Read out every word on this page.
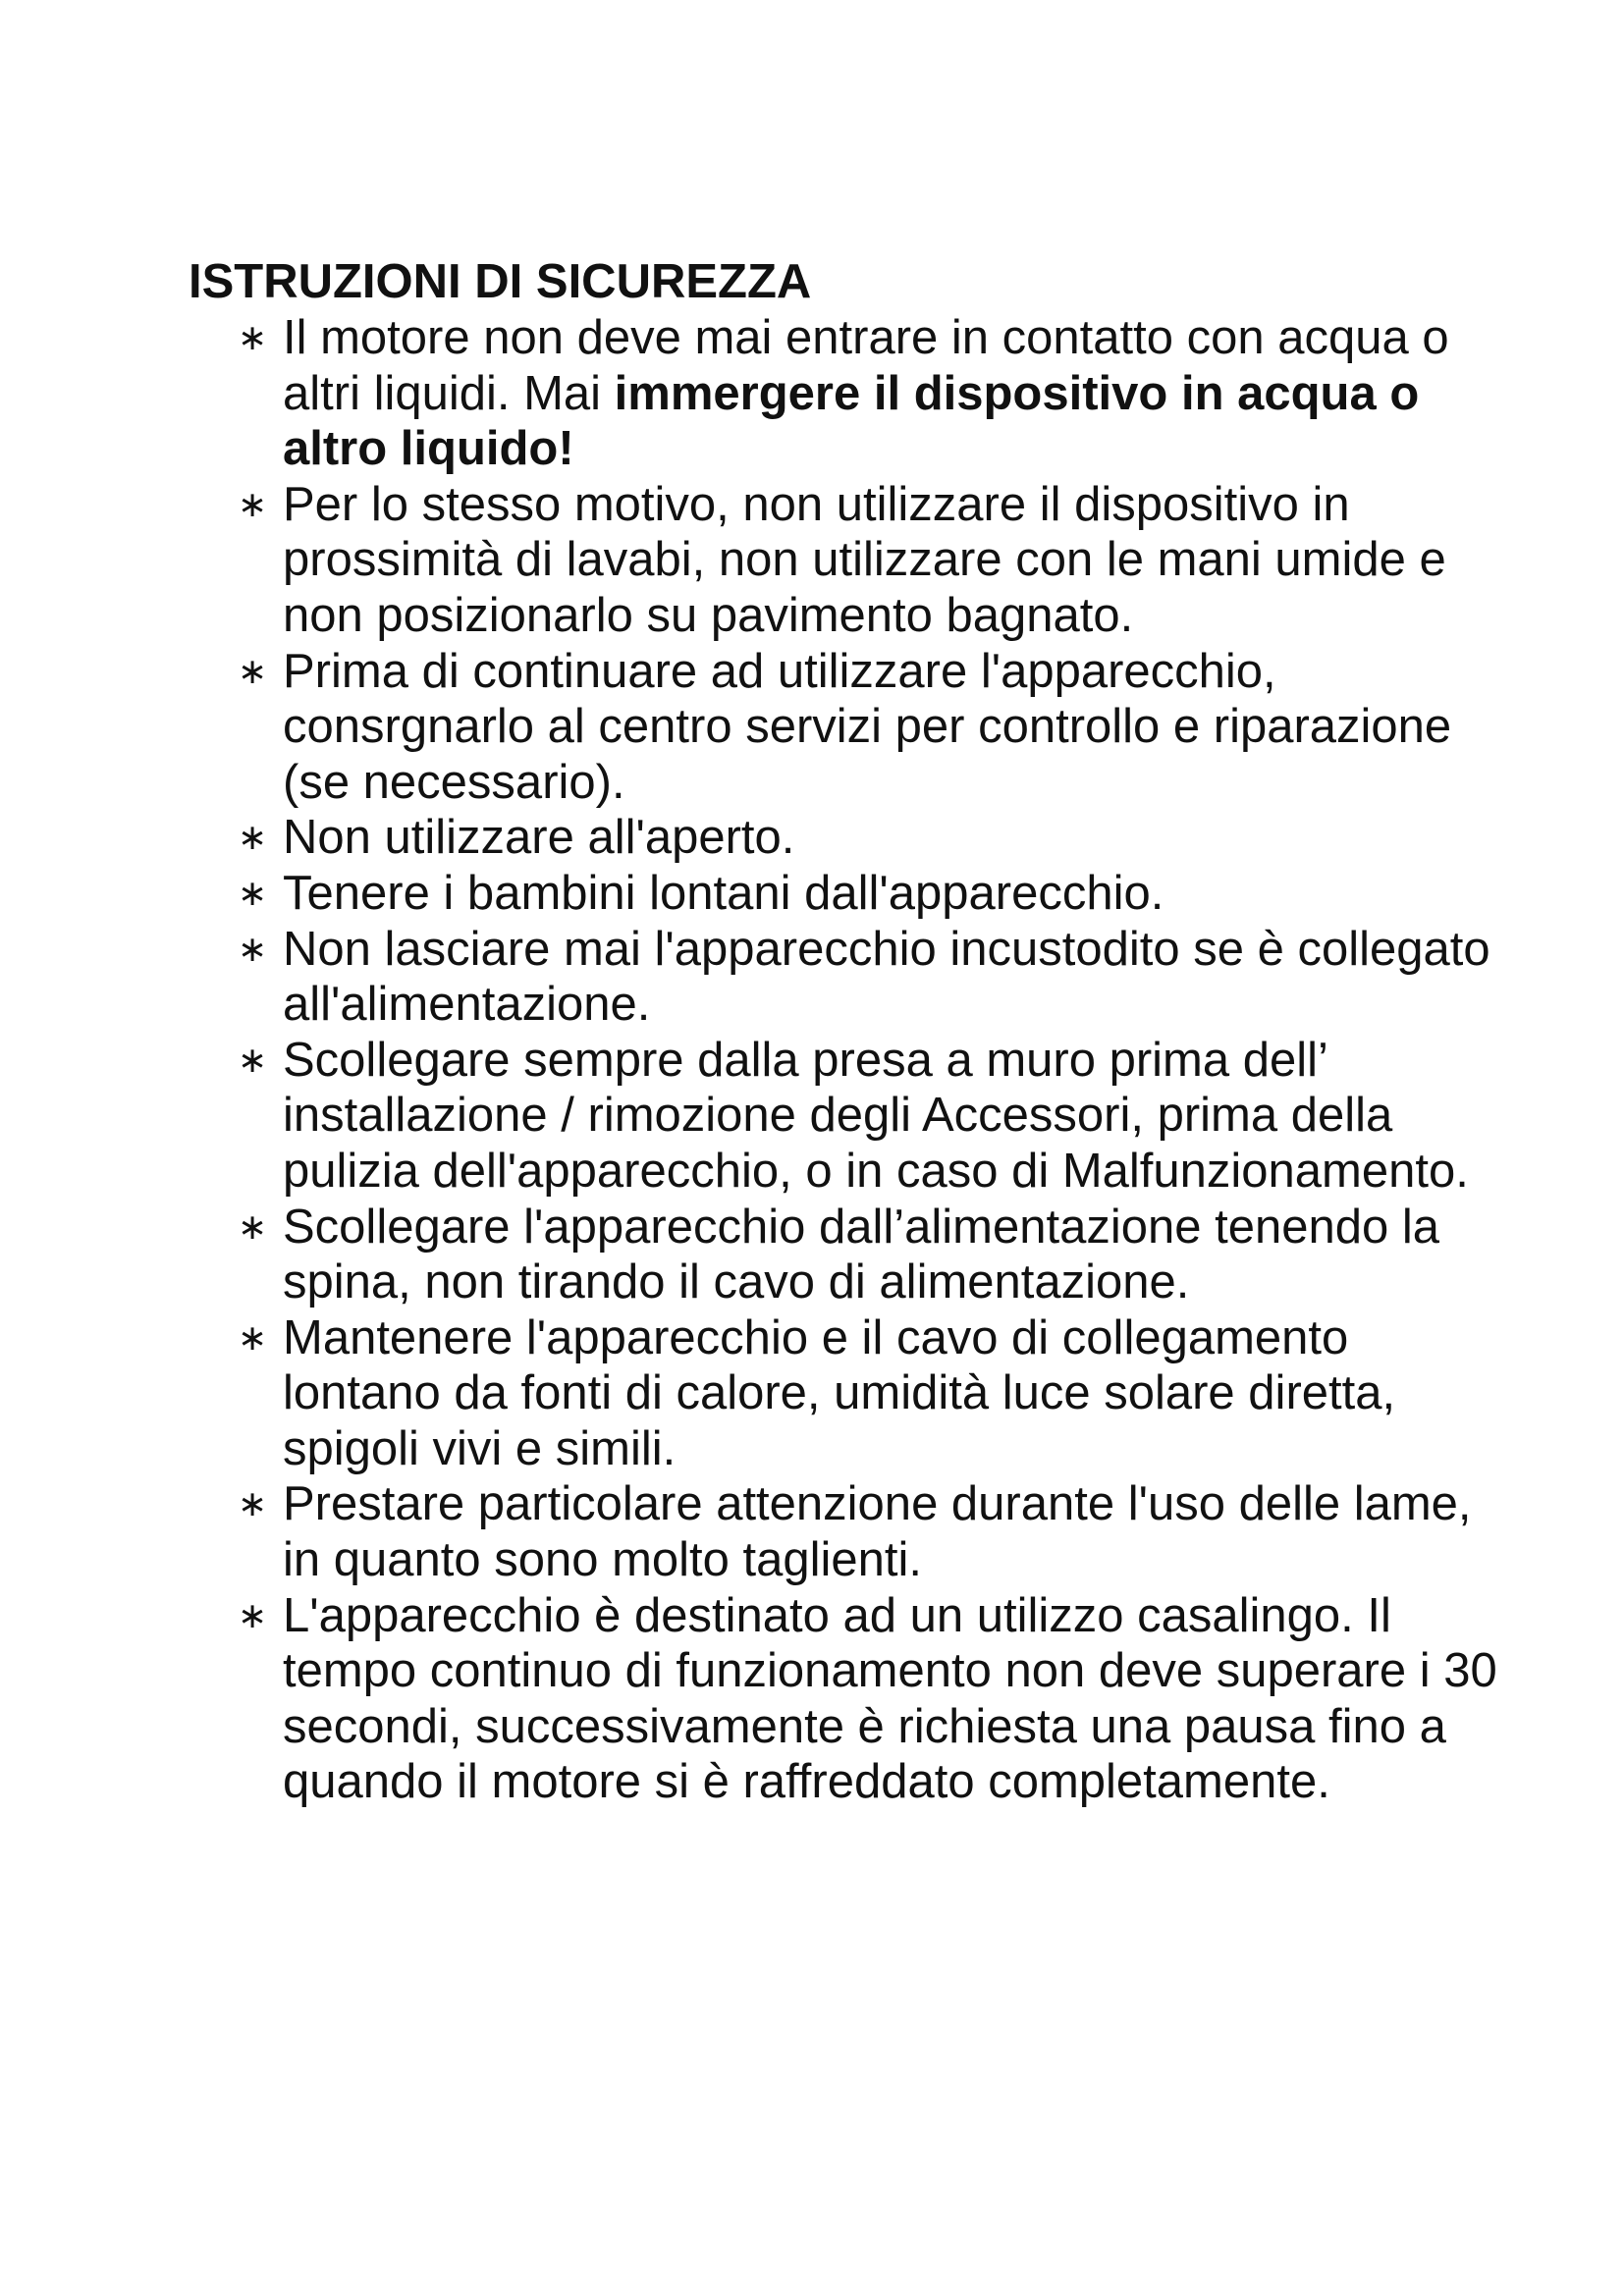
ISTRUZIONI DI SICUREZZA
∗ Il motore non deve mai entrare in contatto con acqua o altri liquidi. Mai immergere il dispositivo in acqua o altro liquido!
∗ Per lo stesso motivo, non utilizzare il dispositivo in prossimità di lavabi, non utilizzare con le mani umide e non posizionarlo su pavimento bagnato.
∗ Prima di continuare ad utilizzare l'apparecchio, consrgnarlo al centro servizi per controllo e riparazione (se necessario).
∗ Non utilizzare all'aperto.
∗ Tenere i bambini lontani dall'apparecchio.
∗ Non lasciare mai l'apparecchio incustodito se è collegato all'alimentazione.
∗ Scollegare sempre dalla presa a muro prima dell’ installazione / rimozione degli Accessori, prima della pulizia dell'apparecchio, o in caso di Malfunzionamento.
∗ Scollegare l'apparecchio dall’alimentazione tenendo la spina, non tirando il cavo di alimentazione.
∗ Mantenere l'apparecchio e il cavo di collegamento lontano da fonti di calore, umidità luce solare diretta, spigoli vivi e simili.
∗ Prestare particolare attenzione durante l'uso delle lame, in quanto sono molto taglienti.
∗ L'apparecchio è destinato ad un utilizzo casalingo. Il tempo continuo di funzionamento non deve superare i 30 secondi, successivamente è richiesta una pausa fino a quando il motore si è raffreddato completamente.
